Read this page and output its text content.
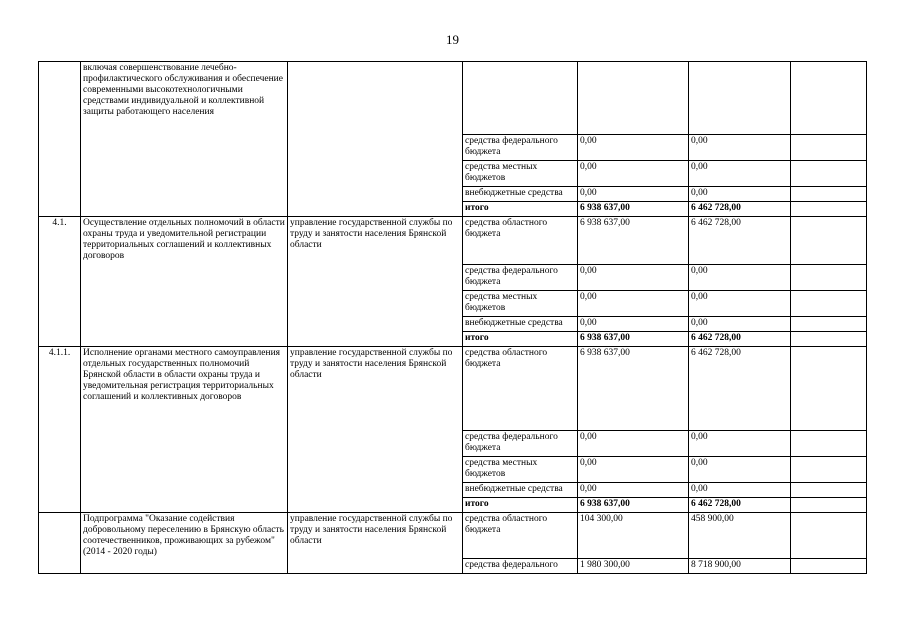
19
	включая совершенствование лечебно-профилактического обслуживания и обеспечение современными высокотехнологичными средствами индивидуальной и коллективной защиты работающего населения					
			средства федерального бюджета	0,00	0,00	
			средства местных бюджетов	0,00	0,00	
			внебюджетные средства	0,00	0,00	
			итого	6 938 637,00	6 462 728,00	
4.1.	Осуществление отдельных полномочий в области охраны труда и уведомительной регистрации территориальных соглашений и коллективных договоров	управление государственной службы по труду и занятости населения Брянской области	средства областного бюджета	6 938 637,00	6 462 728,00	
			средства федерального бюджета	0,00	0,00	
			средства местных бюджетов	0,00	0,00	
			внебюджетные средства	0,00	0,00	
			итого	6 938 637,00	6 462 728,00	
4.1.1.	Исполнение органами местного самоуправления отдельных государственных полномочий Брянской области в области охраны труда и уведомительная регистрация территориальных соглашений и коллективных договоров	управление государственной службы по труду и занятости населения Брянской области	средства областного бюджета	6 938 637,00	6 462 728,00	
			средства федерального бюджета	0,00	0,00	
			средства местных бюджетов	0,00	0,00	
			внебюджетные средства	0,00	0,00	
			итого	6 938 637,00	6 462 728,00	
	Подпрограмма "Оказание содействия добровольному переселению в Брянскую область соотечественников, проживающих за рубежом" (2014 - 2020 годы)	управление государственной службы по труду и занятости населения Брянской области	средства областного бюджета	104 300,00	458 900,00	
			средства федерального	1 980 300,00	8 718 900,00	
